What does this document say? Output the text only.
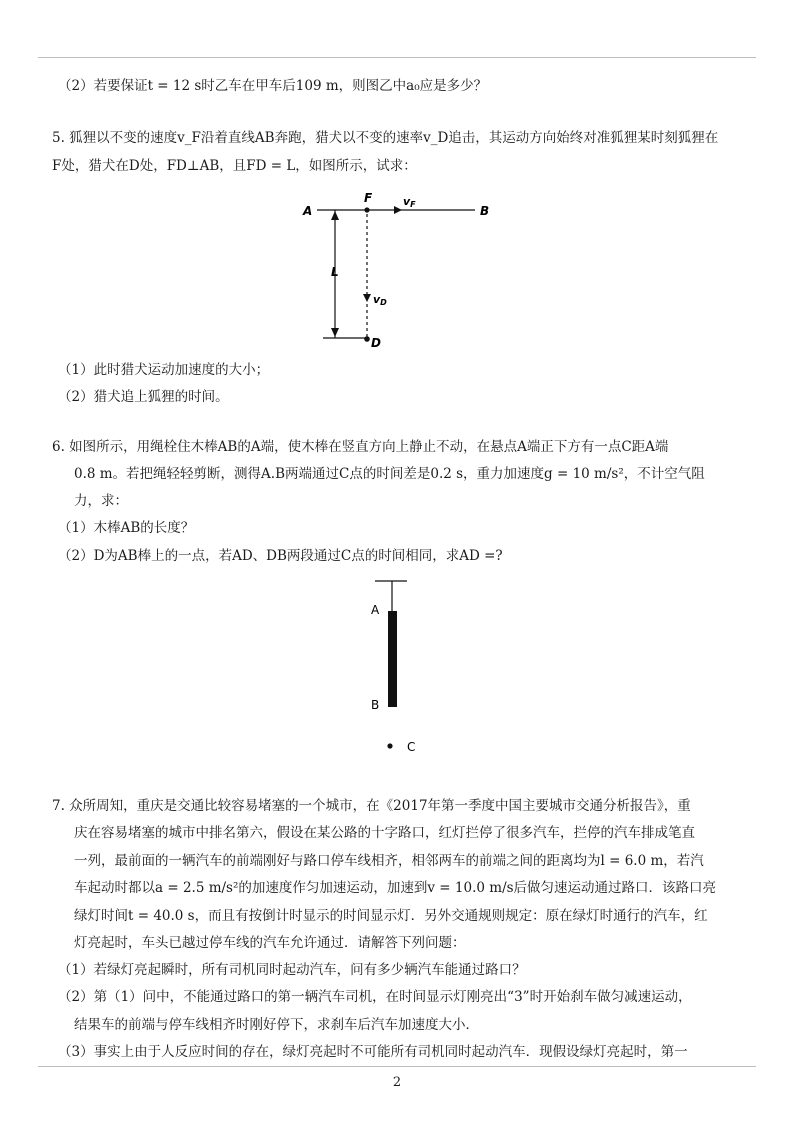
（2）若要保证t = 12 s时乙车在甲车后109 m，则图乙中a₀应是多少？
5. 狐狸以不变的速度v_F沿着直线AB奔跑，猎犬以不变的速率v_D追击，其运动方向始终对准狐狸某时刻狐狸在
F处，猎犬在D处，FD⊥AB，且FD = L，如图所示，试求：
A
F	vF	B
L
vD
D
（1）此时猎犬运动加速度的大小；
（2）猎犬追上狐狸的时间。
6. 如图所示，用绳栓住木棒AB的A端，使木棒在竖直方向上静止不动，在悬点A端正下方有一点C距A端
0.8 m。若把绳轻轻剪断，测得A.B两端通过C点的时间差是0.2 s，重力加速度g = 10 m/s²，不计空气阻
力，求：
（1）木棒AB的长度？
（2）D为AB棒上的一点，若AD、DB两段通过C点的时间相同，求AD =?
A
B
C
7. 众所周知，重庆是交通比较容易堵塞的一个城市，在《2017年第一季度中国主要城市交通分析报告》，重
庆在容易堵塞的城市中排名第六，假设在某公路的十字路口，红灯拦停了很多汽车，拦停的汽车排成笔直
一列，最前面的一辆汽车的前端刚好与路口停车线相齐，相邻两车的前端之间的距离均为l = 6.0 m，若汽
车起动时都以a = 2.5 m/s²的加速度作匀加速运动，加速到v = 10.0 m/s后做匀速运动通过路口．该路口亮
绿灯时间t = 40.0 s，而且有按倒计时显示的时间显示灯．另外交通规则规定：原在绿灯时通行的汽车，红
灯亮起时，车头已越过停车线的汽车允许通过．请解答下列问题：
（1）若绿灯亮起瞬时，所有司机同时起动汽车，问有多少辆汽车能通过路口？
（2）第（1）问中，不能通过路口的第一辆汽车司机，在时间显示灯刚亮出“3”时开始刹车做匀减速运动，
结果车的前端与停车线相齐时刚好停下，求刹车后汽车加速度大小．
（3）事实上由于人反应时间的存在，绿灯亮起时不可能所有司机同时起动汽车．现假设绿灯亮起时，第一
2
